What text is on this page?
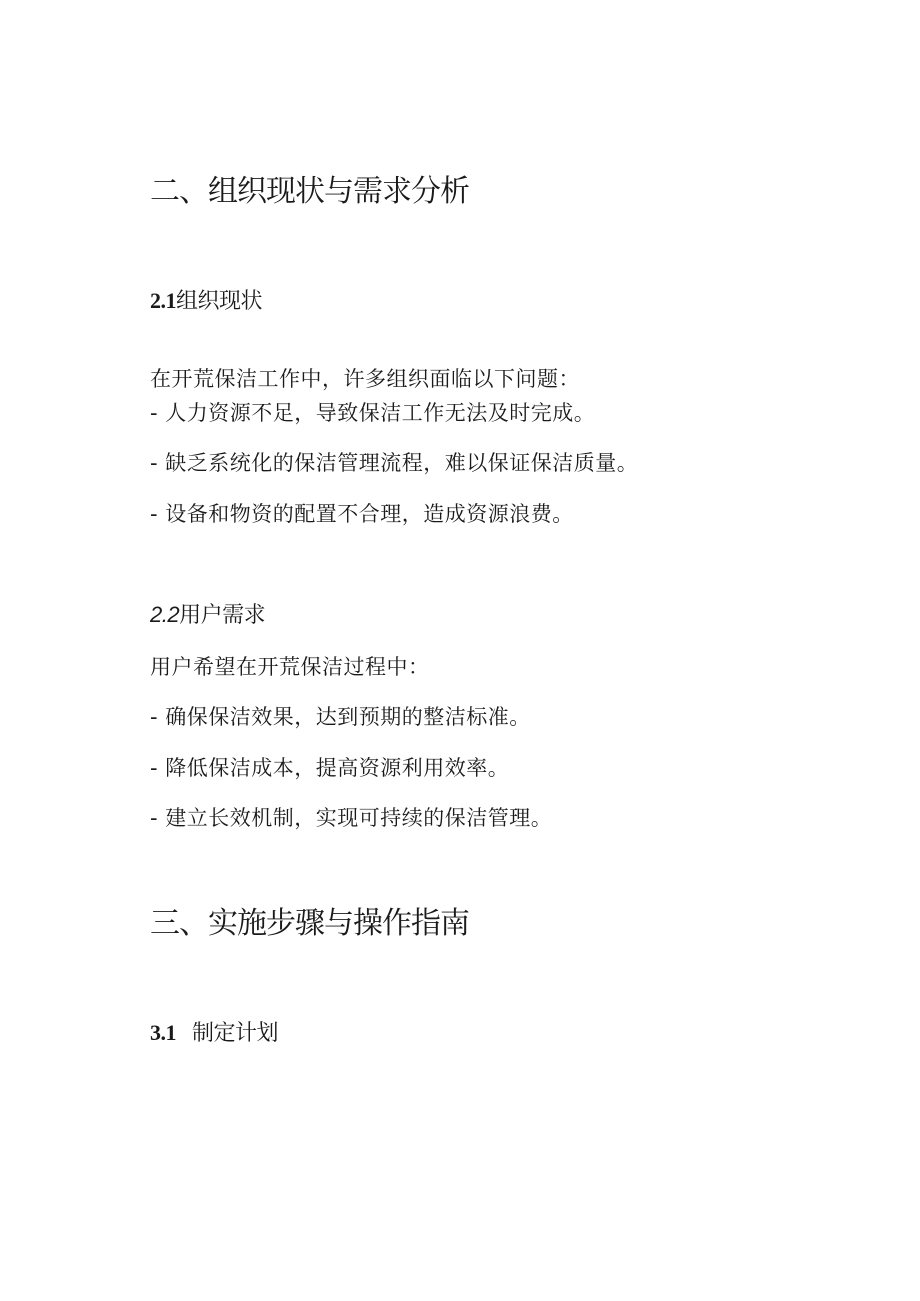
二、组织现状与需求分析
2.1组织现状
在开荒保洁工作中，许多组织面临以下问题：
- 人力资源不足，导致保洁工作无法及时完成。
- 缺乏系统化的保洁管理流程，难以保证保洁质量。
- 设备和物资的配置不合理，造成资源浪费。
2.2用户需求
用户希望在开荒保洁过程中：
- 确保保洁效果，达到预期的整洁标准。
- 降低保洁成本，提高资源利用效率。
- 建立长效机制，实现可持续的保洁管理。
三、实施步骤与操作指南
3.1 制定计划
